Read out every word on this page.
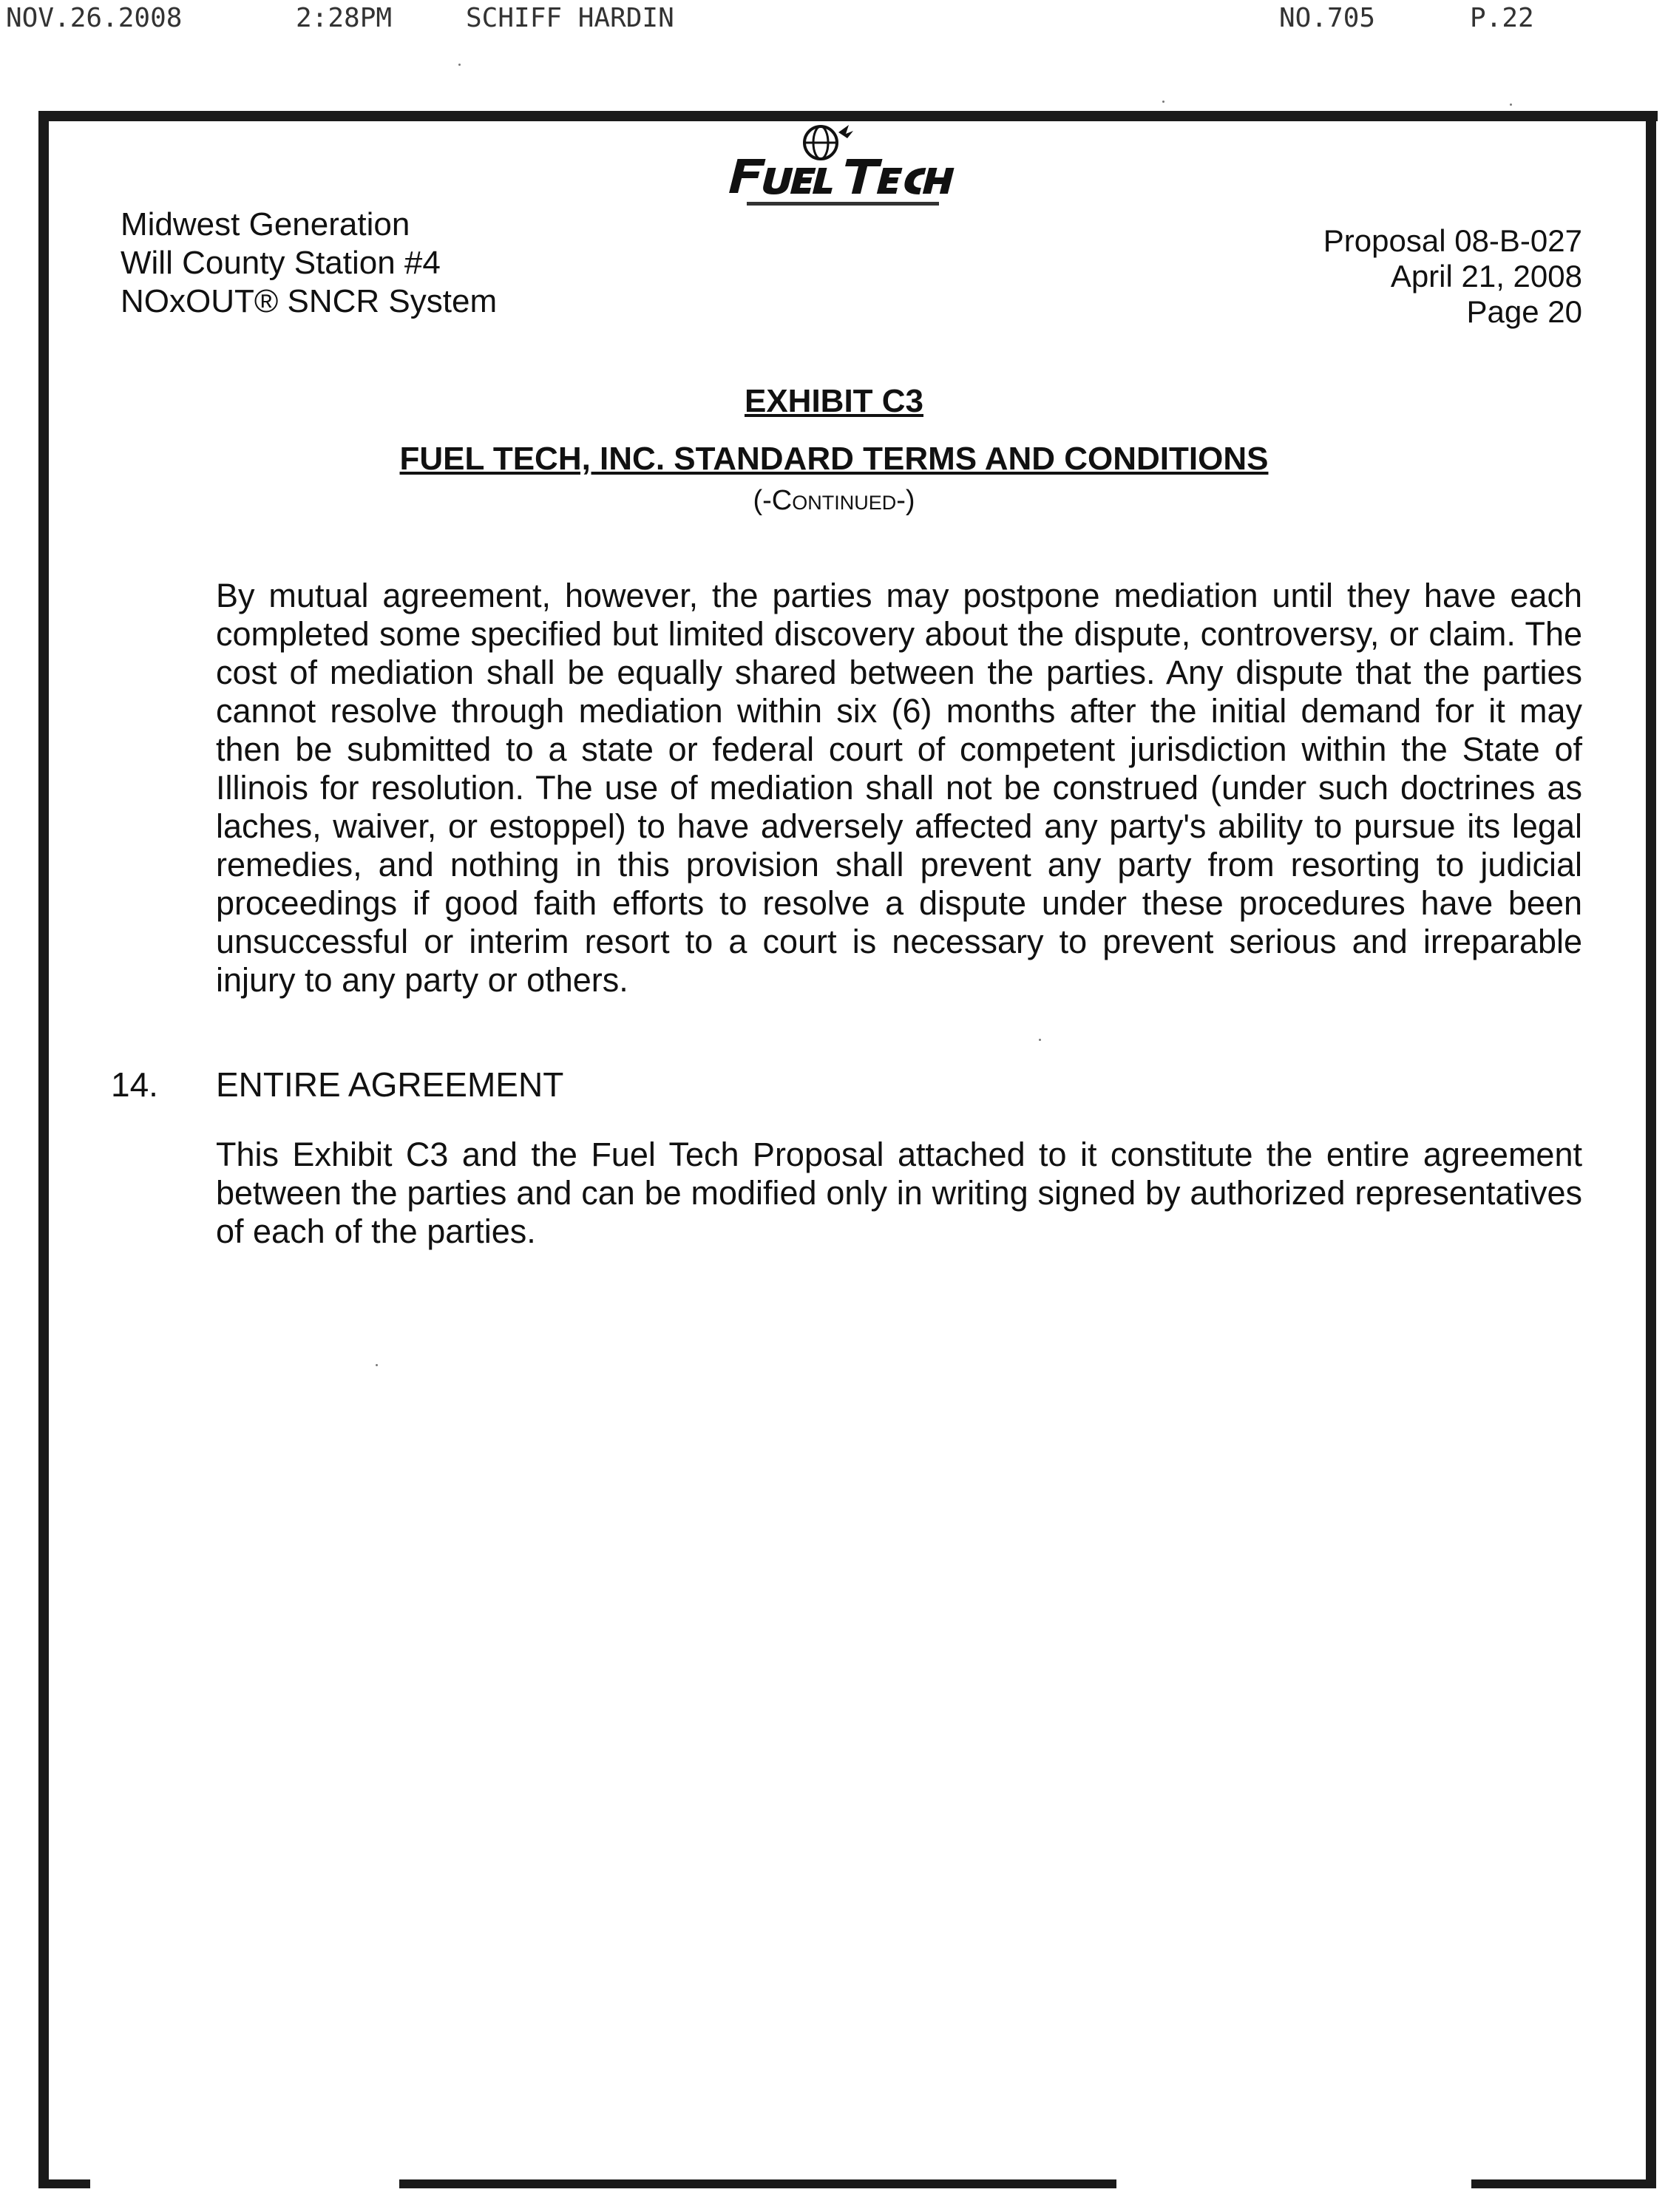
NOV.26.2008	2:28PM	SCHIFF HARDIN	NO.705	P.22
Midwest Generation
Will County Station #4
NOxOUT® SNCR System
Proposal 08-B-027
April 21, 2008
Page 20
EXHIBIT C3
FUEL TECH, INC. STANDARD TERMS AND CONDITIONS
(-Continued-)
By mutual agreement, however, the parties may postpone mediation until they have each completed some specified but limited discovery about the dispute, controversy, or claim. The cost of mediation shall be equally shared between the parties. Any dispute that the parties cannot resolve through mediation within six (6) months after the initial demand for it may then be submitted to a state or federal court of competent jurisdiction within the State of Illinois for resolution. The use of mediation shall not be construed (under such doctrines as laches, waiver, or estoppel) to have adversely affected any party's ability to pursue its legal remedies, and nothing in this provision shall prevent any party from resorting to judicial proceedings if good faith efforts to resolve a dispute under these procedures have been unsuccessful or interim resort to a court is necessary to prevent serious and irreparable injury to any party or others.
14. ENTIRE AGREEMENT
This Exhibit C3 and the Fuel Tech Proposal attached to it constitute the entire agreement between the parties and can be modified only in writing signed by authorized representatives of each of the parties.
